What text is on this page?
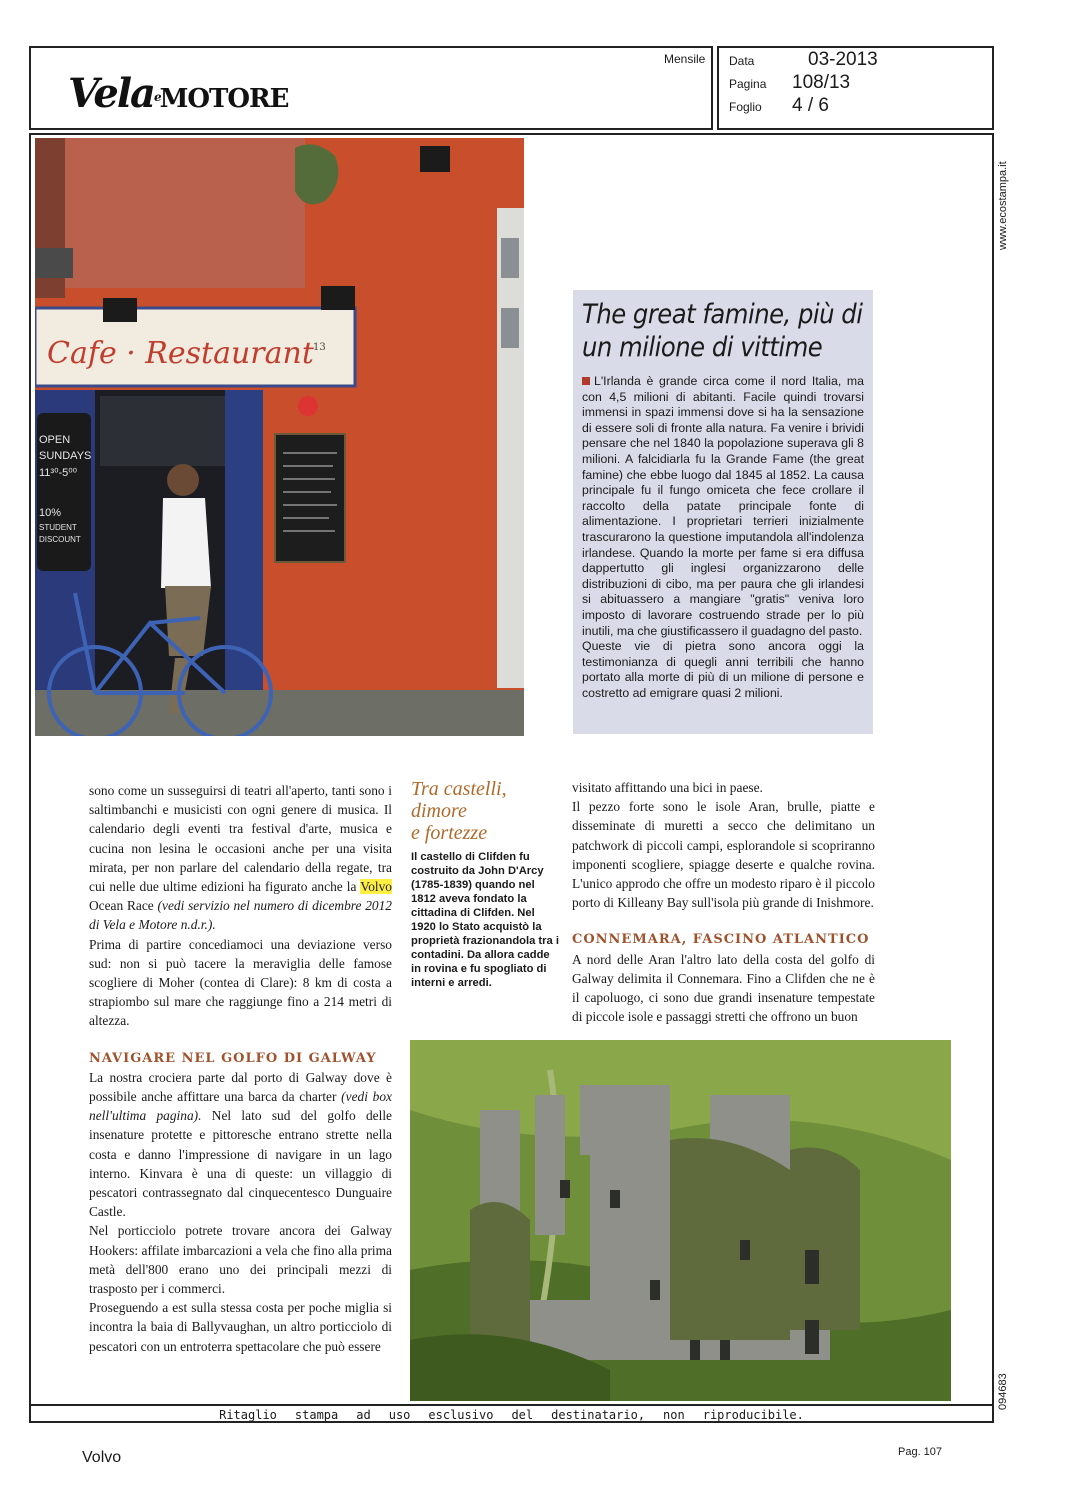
VelaeMOTORE
Mensile Data	03-2013
Pagina 108/13
Foglio 4 / 6
www.ecostampa.it
094683
Cafe · Restaurant 13
OPEN
SUNDAYS
11³⁰-5⁰⁰
10%
STUDENT
DISCOUNT
The great famine, più di un milione di vittime

L'Irlanda è grande circa come il nord Italia, ma con 4,5 milioni di abitanti. Facile quindi trovarsi immensi in spazi immensi dove si ha la sensazione di essere soli di fronte alla natura. Fa venire i brividi pensare che nel 1840 la popolazione superava gli 8 milioni. A falcidiarla fu la Grande Fame (the great famine) che ebbe luogo dal 1845 al 1852. La causa principale fu il fungo omiceta che fece crollare il raccolto della patate principale fonte di alimentazione. I proprietari terrieri inizialmente trascurarono la questione imputandola all'indolenza irlandese. Quando la morte per fame si era diffusa dappertutto gli inglesi organizzarono delle distribuzioni di cibo, ma per paura che gli irlandesi si abituassero a mangiare "gratis" veniva loro imposto di lavorare costruendo strade per lo più inutili, ma che giustificassero il guadagno del pasto.

Queste vie di pietra sono ancora oggi la testimonianza di quegli anni terribili che hanno portato alla morte di più di un milione di persone e costretto ad emigrare quasi 2 milioni.

sono come un susseguirsi di teatri all'aperto, tanti sono i saltimbanchi e musicisti con ogni genere di musica. Il calendario degli eventi tra festival d'arte, musica e cucina non lesina le occasioni anche per una visita mirata, per non parlare del calendario della regate, tra cui nelle due ultime edizioni ha figurato anche la Volvo Ocean Race (vedi servizio nel numero di dicembre 2012 di Vela e Motore n.d.r.).

Prima di partire concediamoci una deviazione verso sud: non si può tacere la meraviglia delle famose scogliere di Moher (contea di Clare): 8 km di costa a strapiombo sul mare che raggiunge fino a 214 metri di altezza.

NAVIGARE NEL GOLFO DI GALWAY

La nostra crociera parte dal porto di Galway dove è possibile anche affittare una barca da charter (vedi box nell'ultima pagina). Nel lato sud del golfo delle insenature protette e pittoresche entrano strette nella costa e danno l'impressione di navigare in un lago interno. Kinvara è una di queste: un villaggio di pescatori contrassegnato dal cinquecentesco Dunguaire Castle.

Nel porticciolo potrete trovare ancora dei Galway Hookers: affilate imbarcazioni a vela che fino alla prima metà dell'800 erano uno dei principali mezzi di trasposto per i commerci.

Proseguendo a est sulla stessa costa per poche miglia si incontra la baia di Ballyvaughan, un altro porticciolo di pescatori con un entroterra spettacolare che può essere

Tra castelli,
dimore
e fortezze
Il castello di Clifden fu costruito da John D'Arcy (1785-1839) quando nel 1812 aveva fondato la cittadina di Clifden. Nel 1920 lo Stato acquistò la proprietà frazionandola tra i contadini. Da allora cadde in rovina e fu spogliato di interni e arredi.

visitato affittando una bici in paese.

Il pezzo forte sono le isole Aran, brulle, piatte e disseminate di muretti a secco che delimitano un patchwork di piccoli campi, esplorandole si scopriranno imponenti scogliere, spiagge deserte e qualche rovina. L'unico approdo che offre un modesto riparo è il piccolo porto di Killeany Bay sull'isola più grande di Inishmore.

CONNEMARA, FASCINO ATLANTICO

A nord delle Aran l'altro lato della costa del golfo di Galway delimita il Connemara. Fino a Clifden che ne è il capoluogo, ci sono due grandi insenature tempestate di piccole isole e passaggi stretti che offrono un buon

Ritaglio stampa ad uso esclusivo del destinatario, non riproducibile.
Volvo	Pag. 107
